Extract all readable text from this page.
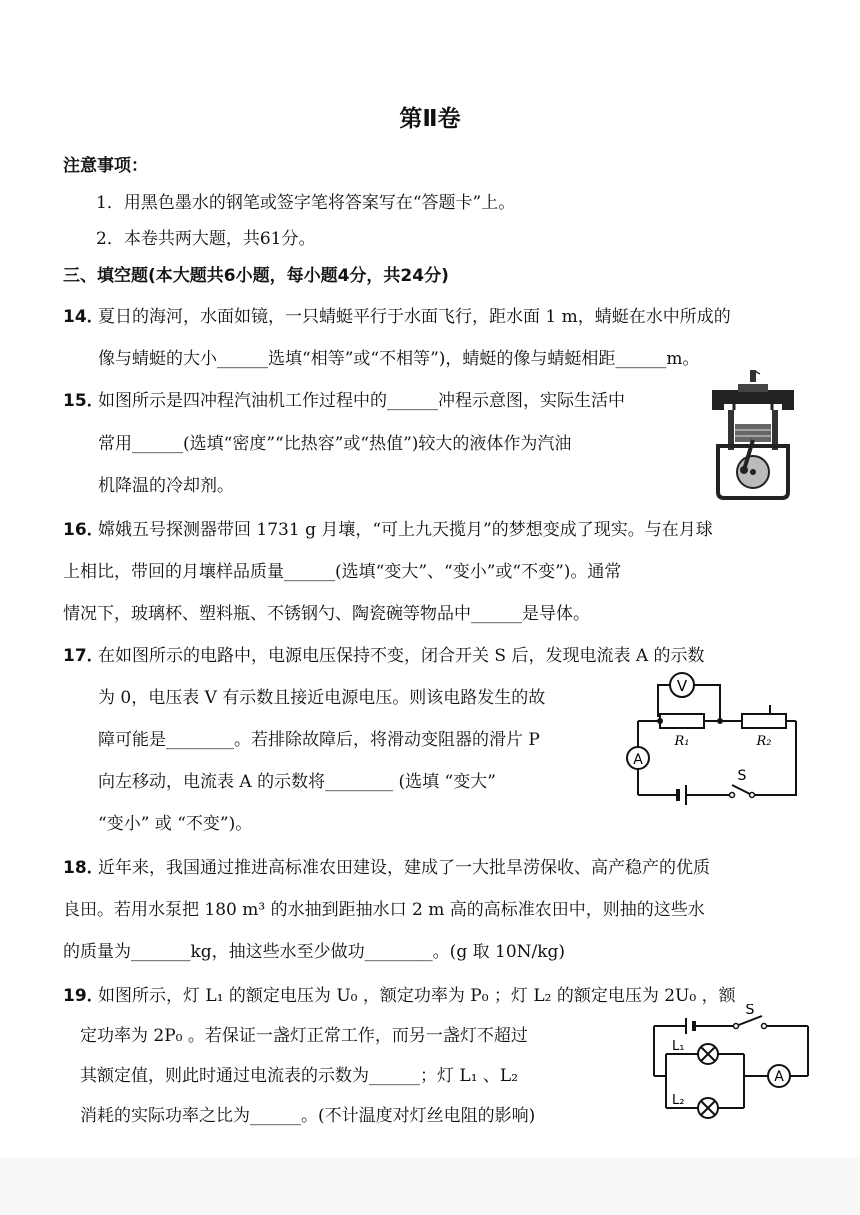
第Ⅱ卷
注意事项：
1．用黑色墨水的钢笔或签字笔将答案写在“答题卡”上。
2．本卷共两大题，共61分。
三、填空题(本大题共6小题，每小题4分，共24分)
14．
夏日的海河，水面如镜，一只蜻蜓平行于水面飞行，距水面 1 m，蜻蜓在水中所成的
像与蜻蜓的大小______选填“相等”或“不相等”)，蜻蜓的像与蜻蜓相距______m。
15．
如图所示是四冲程汽油机工作过程中的______冲程示意图，实际生活中
常用______(选填“密度”“比热容”或“热值”)较大的液体作为汽油
机降温的冷却剂。
16．
嫦娥五号探测器带回 1731 g 月壤，“可上九天揽月”的梦想变成了现实。与在月球
上相比，带回的月壤样品质量______(选填“变大”、“变小”或“不变”)。通常
情况下，玻璃杯、塑料瓶、不锈钢勺、陶瓷碗等物品中______是导体。
17．
在如图所示的电路中，电源电压保持不变，闭合开关 S 后，发现电流表 A 的示数
为 0，电压表 V 有示数且接近电源电压。则该电路发生的故
障可能是________。若排除故障后，将滑动变阻器的滑片 P
向左移动，电流表 A 的示数将________ (选填 “变大”
“变小” 或 “不变”)。
V
A
R₁	R₂
S
18．
近年来，我国通过推进高标准农田建设，建成了一大批旱涝保收、高产稳产的优质
良田。若用水泵把 180 m³ 的水抽到距抽水口 2 m 高的高标准农田中，则抽的这些水
的质量为_______kg，抽这些水至少做功________。(g 取 10N/kg)
19．
如图所示，灯 L₁ 的额定电压为 U₀ ，额定功率为 P₀ ；灯 L₂ 的额定电压为 2U₀ ，额
定功率为 2P₀ 。若保证一盏灯正常工作，而另一盏灯不超过
其额定值，则此时通过电流表的示数为______；灯 L₁ 、L₂
消耗的实际功率之比为______。(不计温度对灯丝电阻的影响)
S
L₁
L₂
A
